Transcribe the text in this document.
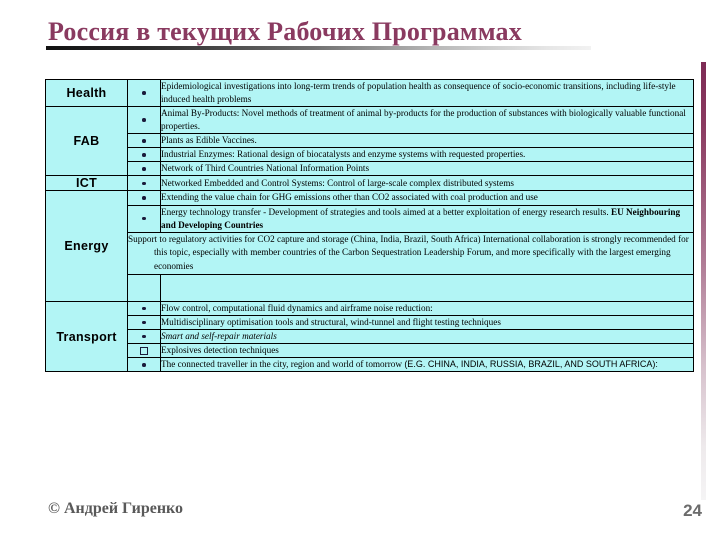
Россия в текущих Рабочих Программах
Health		Epidemiological investigations into long-term trends of population health as consequence of socio-economic transitions, including life-style induced health problems
FAB		Animal By-Products: Novel methods of treatment of animal by-products for the production of substances with biologically valuable functional properties.
		Plants as Edible Vaccines.
		Industrial Enzymes: Rational design of biocatalysts and enzyme systems with requested properties.
		Network of Third Countries National Information Points
ICT		Networked Embedded and Control Systems: Control of large-scale complex distributed systems
Energy		Extending the value chain for GHG emissions other than CO2 associated with coal production and use
		Energy technology transfer - Development of strategies and tools aimed at a better exploitation of energy research results. EU Neighbouring and Developing Countries

	Support to regulatory activities for CO2 capture and storage (China, India, Brazil, South Africa) International collaboration is strongly recommended for this topic, especially with member countries of the Carbon Sequestration Leadership Forum, and more specifically with the largest emerging economies	

Transport		Flow control, computational fluid dynamics and airframe noise reduction:
		Multidisciplinary optimisation tools and structural, wind-tunnel and flight testing techniques
		Smart and self-repair materials
		Explosives detection techniques
		The connected traveller in the city, region and world of tomorrow (E.G. CHINA, INDIA, RUSSIA, BRAZIL, AND SOUTH AFRICA):
© Андрей Гиренко	24
